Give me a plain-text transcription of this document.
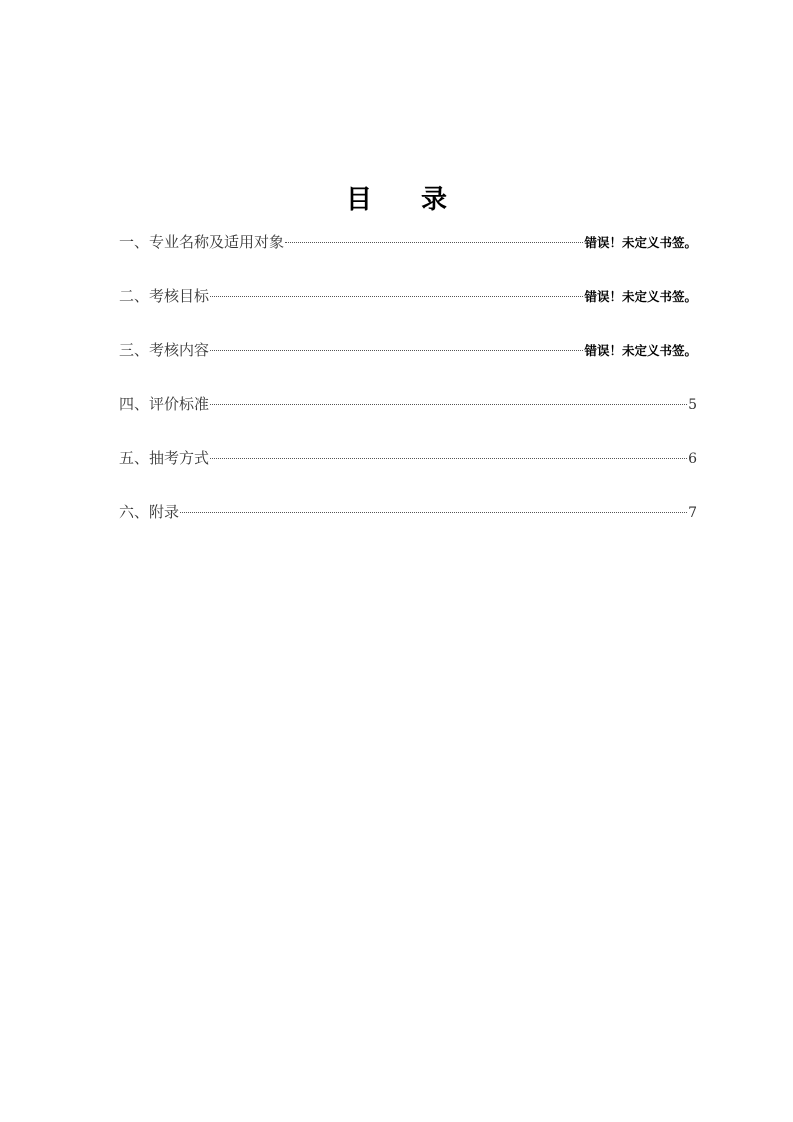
目 录
一、专业名称及适用对象	错误！未定义书签。
二、考核目标	错误！未定义书签。
三、考核内容	错误！未定义书签。
四、评价标准	5
五、抽考方式	6
六、附录	7
